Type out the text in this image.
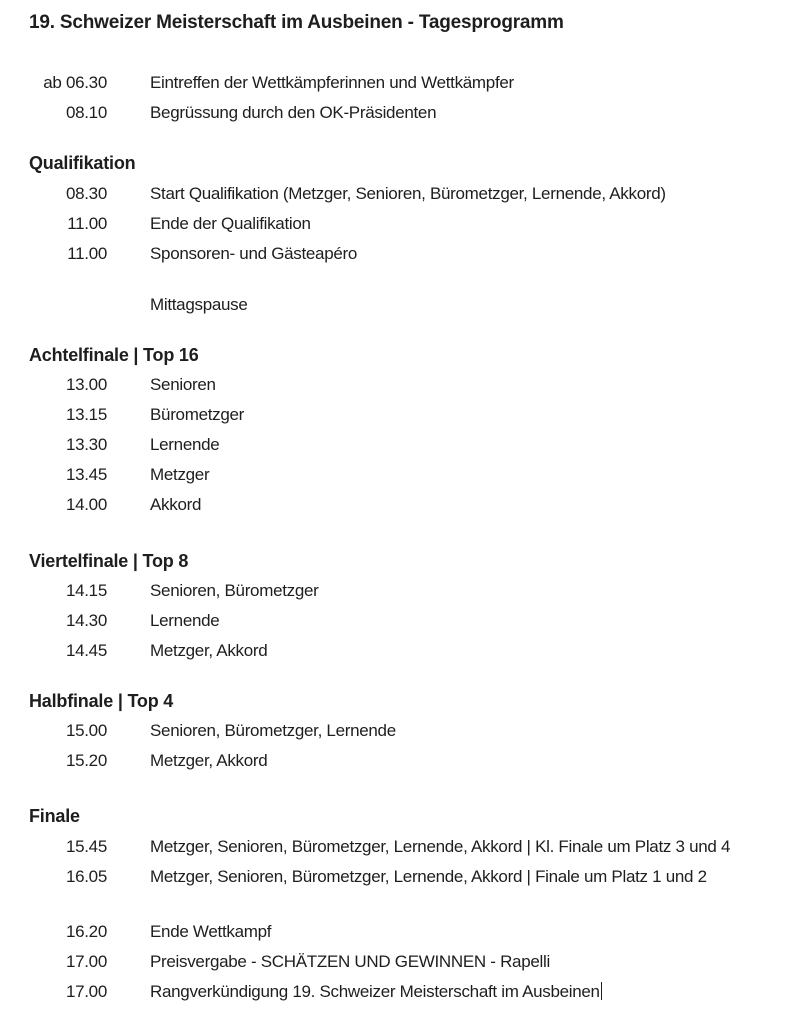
19. Schweizer Meisterschaft im Ausbeinen - Tagesprogramm
ab 06.30	Eintreffen der Wettkämpferinnen und Wettkämpfer
08.10	Begrüssung durch den OK-Präsidenten
Qualifikation
08.30	Start Qualifikation (Metzger, Senioren, Bürometzger, Lernende, Akkord)
11.00	Ende der Qualifikation
11.00	Sponsoren- und Gästeapéro
Mittagspause
Achtelfinale | Top 16
13.00	Senioren
13.15	Bürometzger
13.30	Lernende
13.45	Metzger
14.00	Akkord
Viertelfinale | Top 8
14.15	Senioren, Bürometzger
14.30	Lernende
14.45	Metzger, Akkord
Halbfinale | Top 4
15.00	Senioren, Bürometzger, Lernende
15.20	Metzger, Akkord
Finale
15.45	Metzger, Senioren, Bürometzger, Lernende, Akkord | Kl. Finale um Platz 3 und 4
16.05	Metzger, Senioren, Bürometzger, Lernende, Akkord | Finale um Platz 1 und 2
16.20	Ende Wettkampf
17.00	Preisvergabe - SCHÄTZEN UND GEWINNEN - Rapelli
17.00	Rangverkündigung 19. Schweizer Meisterschaft im Ausbeinen
